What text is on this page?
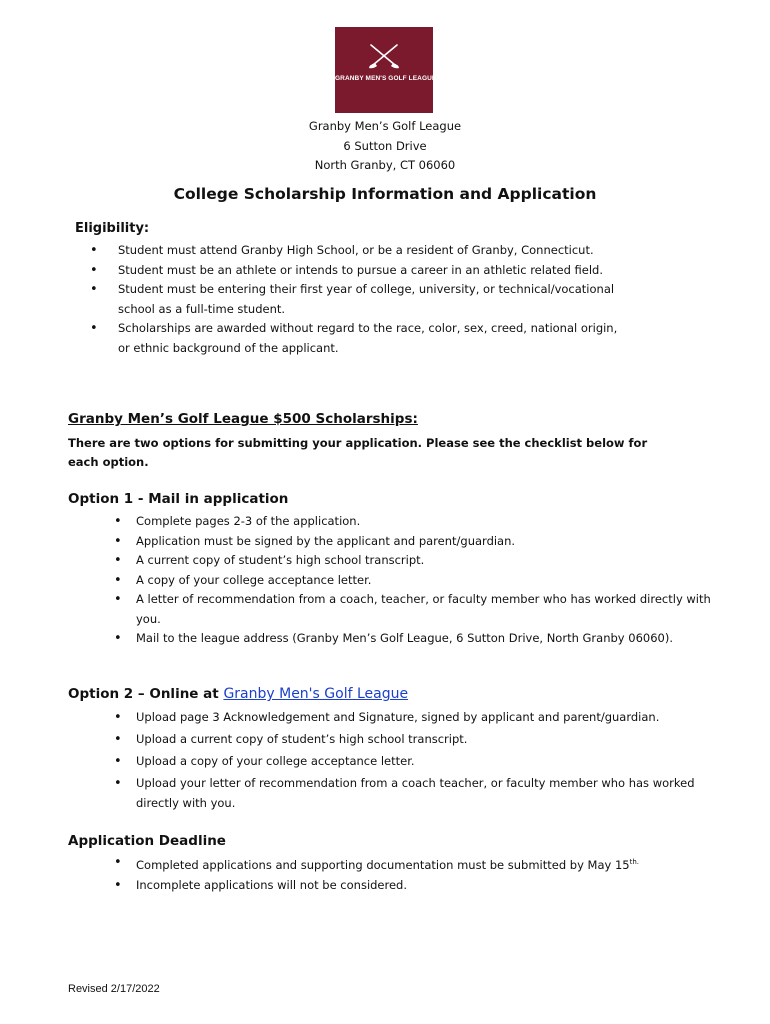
GRANBY MEN'S GOLF LEAGUE
Granby Men’s Golf League
6 Sutton Drive
North Granby, CT 06060
College Scholarship Information and Application
Eligibility:
• Student must attend Granby High School, or be a resident of Granby, Connecticut.
• Student must be an athlete or intends to pursue a career in an athletic related field.
• Student must be entering their first year of college, university, or technical/vocational school as a full-time student.
• Scholarships are awarded without regard to the race, color, sex, creed, national origin, or ethnic background of the applicant.
Granby Men’s Golf League $500 Scholarships:
There are two options for submitting your application. Please see the checklist below for each option.
Option 1 - Mail in application
• Complete pages 2-3 of the application.
• Application must be signed by the applicant and parent/guardian.
• A current copy of student’s high school transcript.
• A copy of your college acceptance letter.
• A letter of recommendation from a coach, teacher, or faculty member who has worked directly with you.
• Mail to the league address (Granby Men’s Golf League, 6 Sutton Drive, North Granby 06060).
Option 2 – Online at Granby Men's Golf League
• Upload page 3 Acknowledgement and Signature, signed by applicant and parent/guardian.
• Upload a current copy of student’s high school transcript.
• Upload a copy of your college acceptance letter.
• Upload your letter of recommendation from a coach teacher, or faculty member who has worked directly with you.
Application Deadline
• Completed applications and supporting documentation must be submitted by May $15^{th.}$
• Incomplete applications will not be considered.
Revised 2/17/2022
